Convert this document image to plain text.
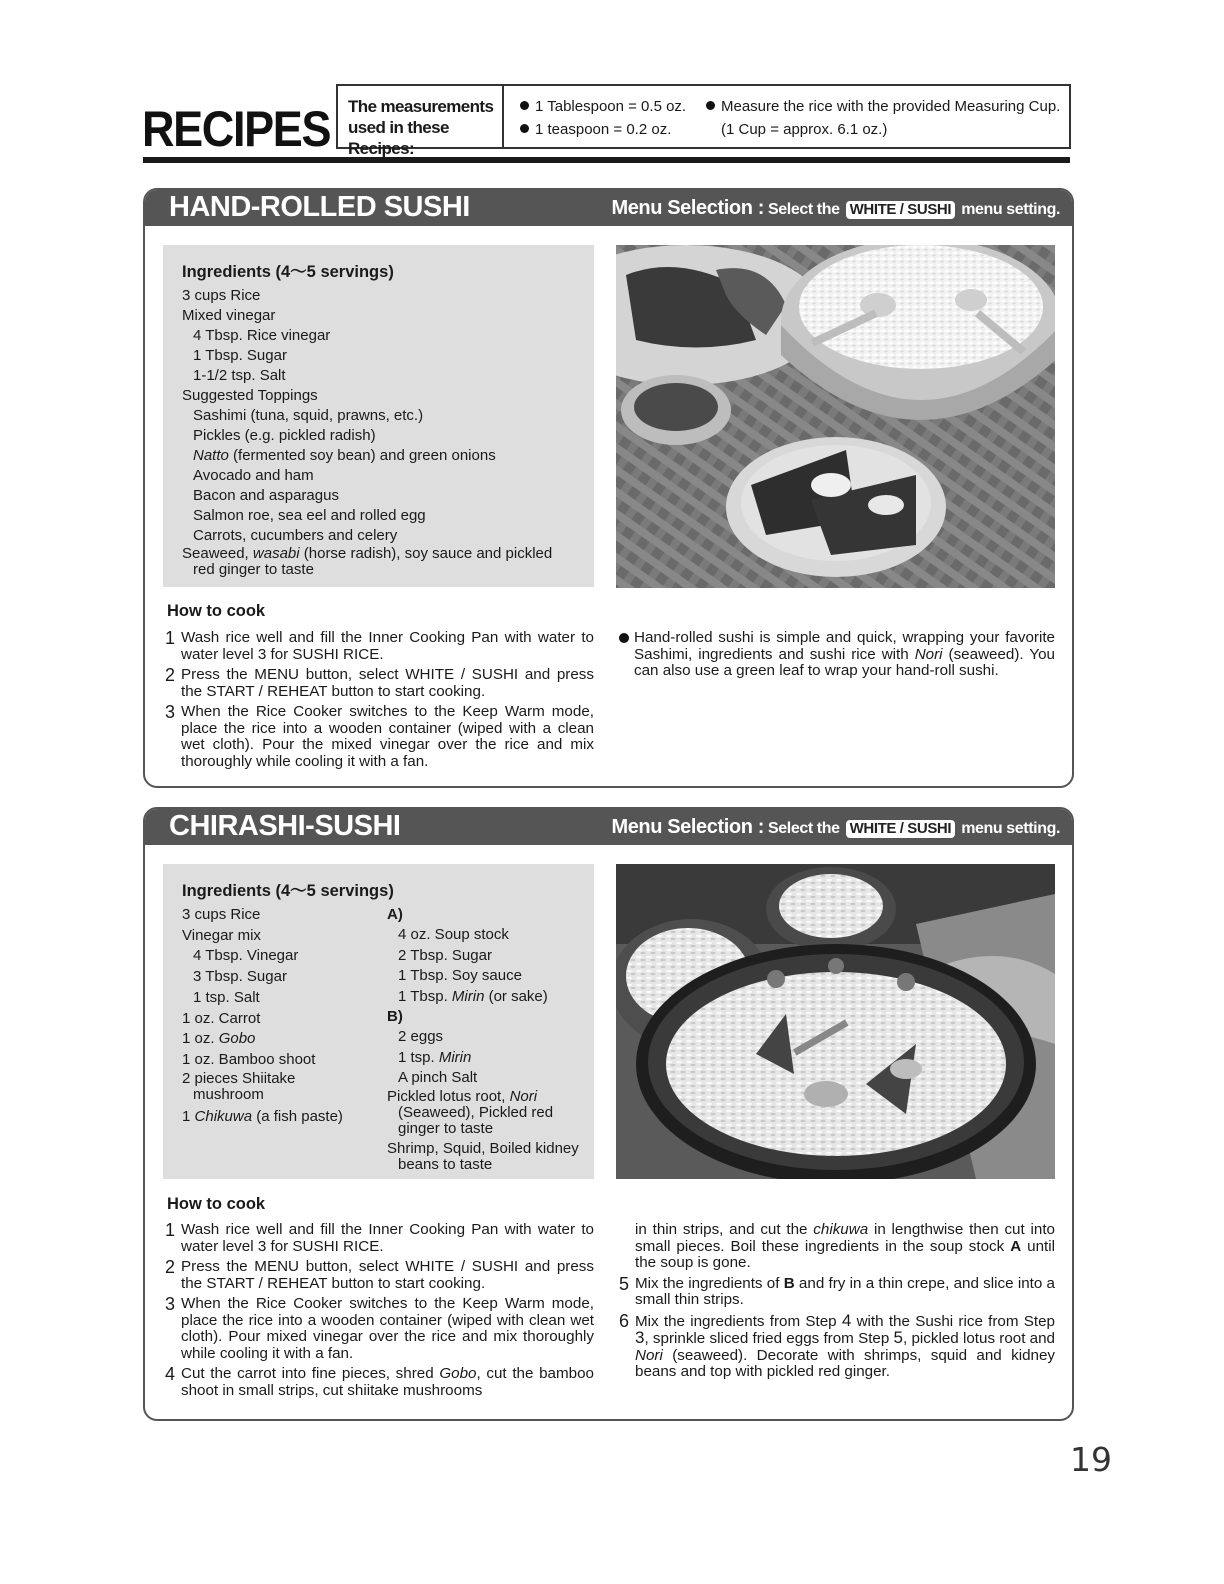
RECIPES The measurements
used in these Recipes:
1 Tablespoon = 0.5 oz.
1 teaspoon = 0.2 oz.
Measure the rice with the provided Measuring Cup.
(1 Cup = approx. 6.1 oz.)
HAND-ROLLED SUSHI	Menu Selection : Select the WHITE / SUSHI menu setting.
Ingredients (4～5 servings)
3 cups Rice
Mixed vinegar
4 Tbsp. Rice vinegar
1 Tbsp. Sugar
1-1/2 tsp. Salt
Suggested Toppings
Sashimi (tuna, squid, prawns, etc.)
Pickles (e.g. pickled radish)
Natto (fermented soy bean) and green onions
Avocado and ham
Bacon and asparagus
Salmon roe, sea eel and rolled egg
Carrots, cucumbers and celery
Seaweed, wasabi (horse radish), soy sauce and pickled red ginger to taste
How to cook
1 Wash rice well and fill the Inner Cooking Pan with water to water level 3 for SUSHI RICE.
2 Press the MENU button, select WHITE / SUSHI and press the START / REHEAT button to start cooking.
3 When the Rice Cooker switches to the Keep Warm mode, place the rice into a wooden container (wiped with a clean wet cloth). Pour the mixed vinegar over the rice and mix thoroughly while cooling it with a fan.
Hand-rolled sushi is simple and quick, wrapping your favorite Sashimi, ingredients and sushi rice with Nori (seaweed). You can also use a green leaf to wrap your hand-roll sushi.
CHIRASHI-SUSHI	Menu Selection : Select the WHITE / SUSHI menu setting.
Ingredients (4～5 servings)
3 cups Rice
Vinegar mix
4 Tbsp. Vinegar
3 Tbsp. Sugar
1 tsp. Salt
1 oz. Carrot
1 oz. Gobo
1 oz. Bamboo shoot
2 pieces Shiitake mushroom
1 Chikuwa (a fish paste)
A)
4 oz. Soup stock
2 Tbsp. Sugar
1 Tbsp. Soy sauce
1 Tbsp. Mirin (or sake)
B)
2 eggs
1 tsp. Mirin
A pinch Salt
Pickled lotus root, Nori (Seaweed), Pickled red ginger to taste
Shrimp, Squid, Boiled kidney beans to taste
How to cook
1 Wash rice well and fill the Inner Cooking Pan with water to water level 3 for SUSHI RICE.
2 Press the MENU button, select WHITE / SUSHI and press the START / REHEAT button to start cooking.
3 When the Rice Cooker switches to the Keep Warm mode, place the rice into a wooden container (wiped with clean wet cloth). Pour mixed vinegar over the rice and mix thoroughly while cooling it with a fan.
4 Cut the carrot into fine pieces, shred Gobo, cut the bamboo shoot in small strips, cut shiitake mushrooms
in thin strips, and cut the chikuwa in lengthwise then cut into small pieces. Boil these ingredients in the soup stock A until the soup is gone.
5 Mix the ingredients of B and fry in a thin crepe, and slice into a small thin strips.
6 Mix the ingredients from Step 4 with the Sushi rice from Step 3, sprinkle sliced fried eggs from Step 5, pickled lotus root and Nori (seaweed). Decorate with shrimps, squid and kidney beans and top with pickled red ginger.
19
